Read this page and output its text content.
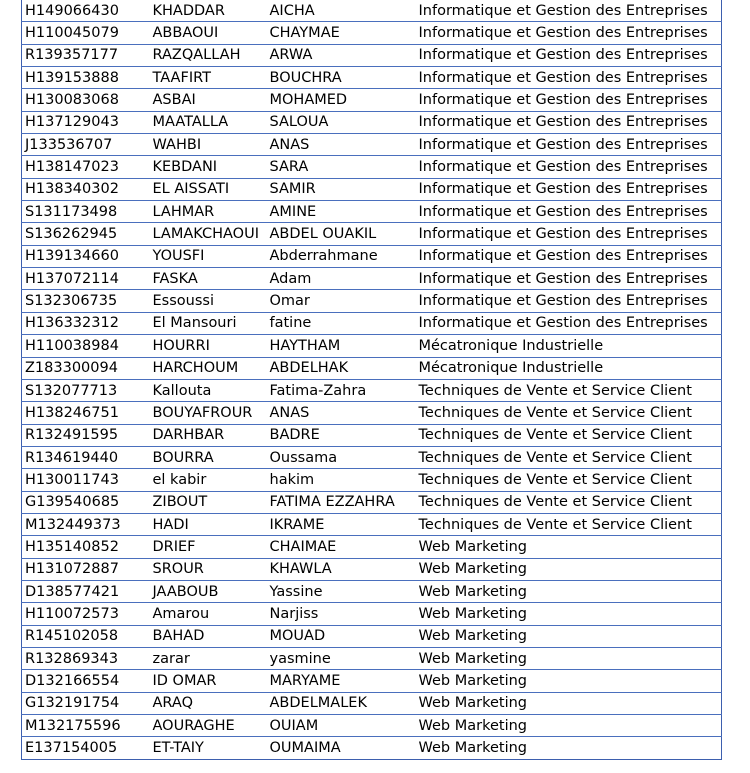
H149066430	KHADDAR	AICHA	Informatique et Gestion des Entreprises
H110045079	ABBAOUI	CHAYMAE	Informatique et Gestion des Entreprises
R139357177	RAZQALLAH	ARWA	Informatique et Gestion des Entreprises
H139153888	TAAFIRT	BOUCHRA	Informatique et Gestion des Entreprises
H130083068	ASBAI	MOHAMED	Informatique et Gestion des Entreprises
H137129043	MAATALLA	SALOUA	Informatique et Gestion des Entreprises
J133536707	WAHBI	ANAS	Informatique et Gestion des Entreprises
H138147023	KEBDANI	SARA	Informatique et Gestion des Entreprises
H138340302	EL AISSATI	SAMIR	Informatique et Gestion des Entreprises
S131173498	LAHMAR	AMINE	Informatique et Gestion des Entreprises
S136262945	LAMAKCHAOUI	ABDEL OUAKIL	Informatique et Gestion des Entreprises
H139134660	YOUSFI	Abderrahmane	Informatique et Gestion des Entreprises
H137072114	FASKA	Adam	Informatique et Gestion des Entreprises
S132306735	Essoussi	Omar	Informatique et Gestion des Entreprises
H136332312	El Mansouri	fatine	Informatique et Gestion des Entreprises
H110038984	HOURRI	HAYTHAM	Mécatronique Industrielle
Z183300094	HARCHOUM	ABDELHAK	Mécatronique Industrielle
S132077713	Kallouta	Fatima-Zahra	Techniques de Vente et Service Client
H138246751	BOUYAFROUR	ANAS	Techniques de Vente et Service Client
R132491595	DARHBAR	BADRE	Techniques de Vente et Service Client
R134619440	BOURRA	Oussama	Techniques de Vente et Service Client
H130011743	el kabir	hakim	Techniques de Vente et Service Client
G139540685	ZIBOUT	FATIMA EZZAHRA	Techniques de Vente et Service Client
M132449373	HADI	IKRAME	Techniques de Vente et Service Client
H135140852	DRIEF	CHAIMAE	Web Marketing
H131072887	SROUR	KHAWLA	Web Marketing
D138577421	JAABOUB	Yassine	Web Marketing
H110072573	Amarou	Narjiss	Web Marketing
R145102058	BAHAD	MOUAD	Web Marketing
R132869343	zarar	yasmine	Web Marketing
D132166554	ID OMAR	MARYAME	Web Marketing
G132191754	ARAQ	ABDELMALEK	Web Marketing
M132175596	AOURAGHE	OUIAM	Web Marketing
E137154005	ET-TAIY	OUMAIMA	Web Marketing
